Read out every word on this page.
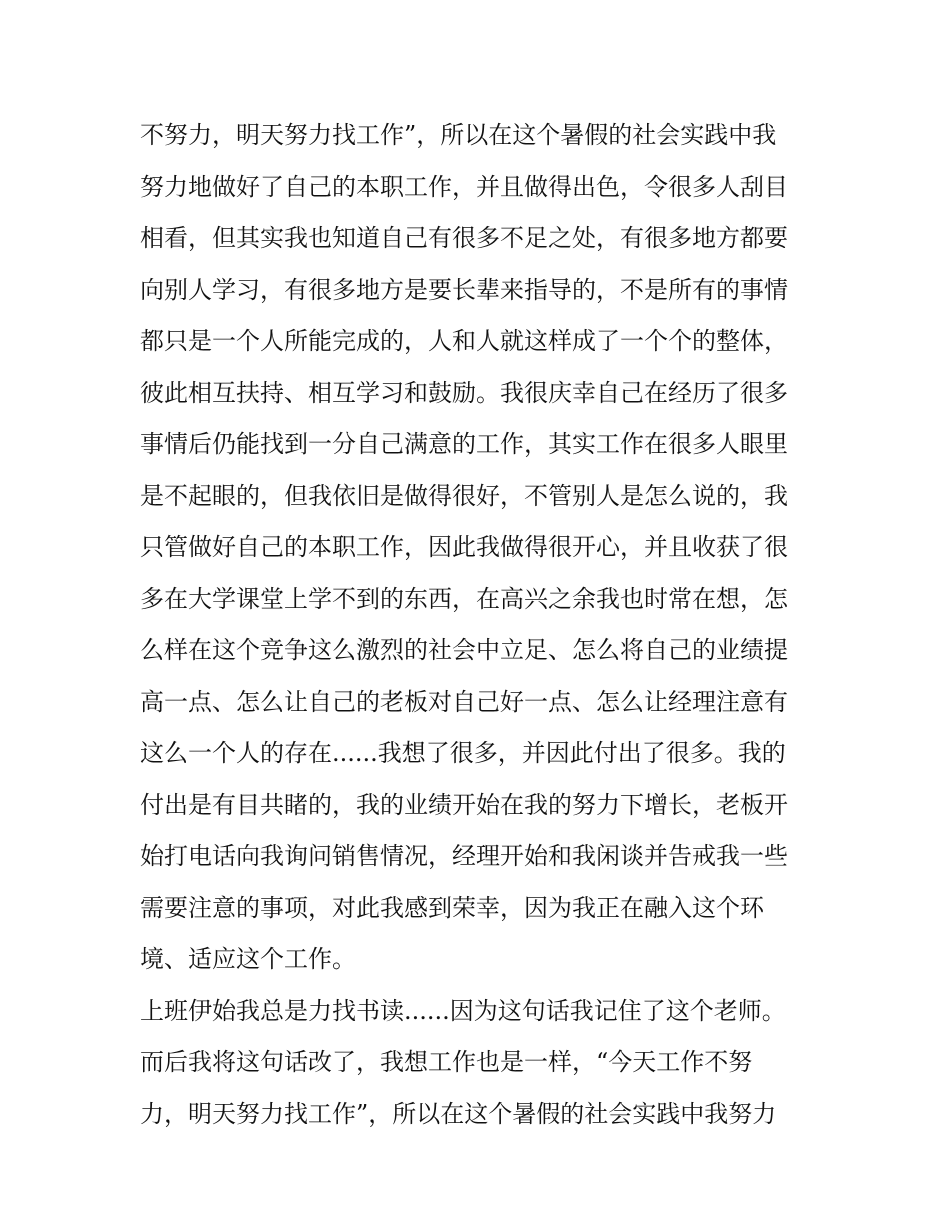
不努力，明天努力找工作”，所以在这个暑假的社会实践中我
努力地做好了自己的本职工作，并且做得出色，令很多人刮目
相看，但其实我也知道自己有很多不足之处，有很多地方都要
向别人学习，有很多地方是要长辈来指导的，不是所有的事情
都只是一个人所能完成的，人和人就这样成了一个个的整体，
彼此相互扶持、相互学习和鼓励。我很庆幸自己在经历了很多
事情后仍能找到一分自己满意的工作，其实工作在很多人眼里
是不起眼的，但我依旧是做得很好，不管别人是怎么说的，我
只管做好自己的本职工作，因此我做得很开心，并且收获了很
多在大学课堂上学不到的东西，在高兴之余我也时常在想，怎
么样在这个竞争这么激烈的社会中立足、怎么将自己的业绩提
高一点、怎么让自己的老板对自己好一点、怎么让经理注意有
这么一个人的存在......我想了很多，并因此付出了很多。我的
付出是有目共睹的，我的业绩开始在我的努力下增长，老板开
始打电话向我询问销售情况，经理开始和我闲谈并告戒我一些
需要注意的事项，对此我感到荣幸，因为我正在融入这个环
境、适应这个工作。
上班伊始我总是力找书读......因为这句话我记住了这个老师。
而后我将这句话改了，我想工作也是一样，“今天工作不努
力，明天努力找工作”，所以在这个暑假的社会实践中我努力
